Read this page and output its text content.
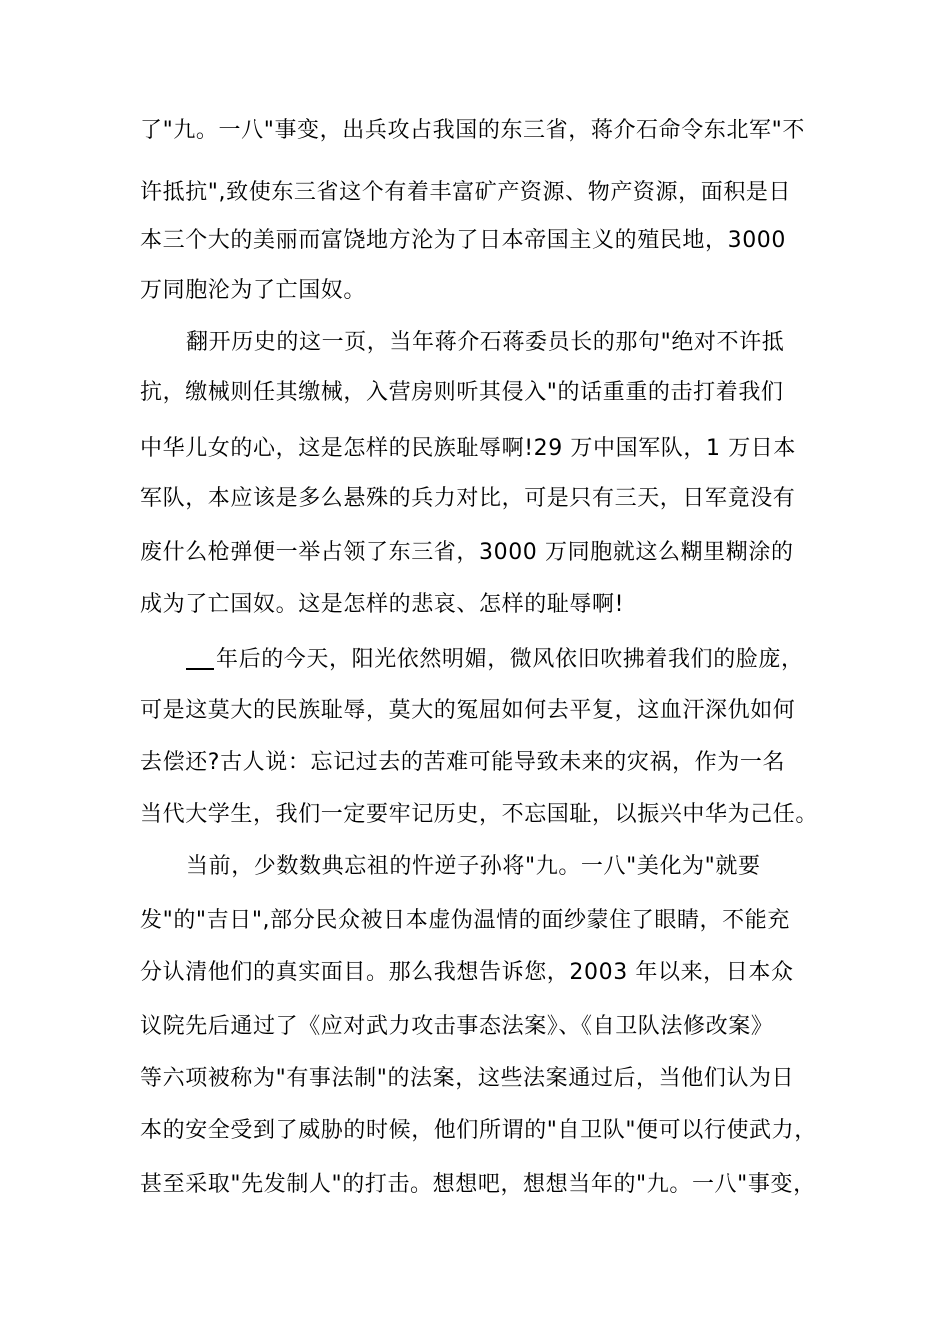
了"九。一八"事变，出兵攻占我国的东三省，蒋介石命令东北军"不
许抵抗",致使东三省这个有着丰富矿产资源、物产资源，面积是日
本三个大的美丽而富饶地方沦为了日本帝国主义的殖民地，3000
万同胞沦为了亡国奴。
翻开历史的这一页，当年蒋介石蒋委员长的那句"绝对不许抵
抗，缴械则任其缴械，入营房则听其侵入"的话重重的击打着我们
中华儿女的心，这是怎样的民族耻辱啊!29 万中国军队，1 万日本
军队，本应该是多么悬殊的兵力对比，可是只有三天，日军竟没有
废什么枪弹便一举占领了东三省，3000 万同胞就这么糊里糊涂的
成为了亡国奴。这是怎样的悲哀、怎样的耻辱啊!
年后的今天，阳光依然明媚，微风依旧吹拂着我们的脸庞，
可是这莫大的民族耻辱，莫大的冤屈如何去平复，这血汗深仇如何
去偿还?古人说：忘记过去的苦难可能导致未来的灾祸，作为一名
当代大学生，我们一定要牢记历史，不忘国耻，以振兴中华为己任。
当前，少数数典忘祖的忤逆子孙将"九。一八"美化为"就要
发"的"吉日",部分民众被日本虚伪温情的面纱蒙住了眼睛，不能充
分认清他们的真实面目。那么我想告诉您，2003 年以来，日本众
议院先后通过了《应对武力攻击事态法案》、《自卫队法修改案》
等六项被称为"有事法制"的法案，这些法案通过后，当他们认为日
本的安全受到了威胁的时候，他们所谓的"自卫队"便可以行使武力，
甚至采取"先发制人"的打击。想想吧，想想当年的"九。一八"事变，
